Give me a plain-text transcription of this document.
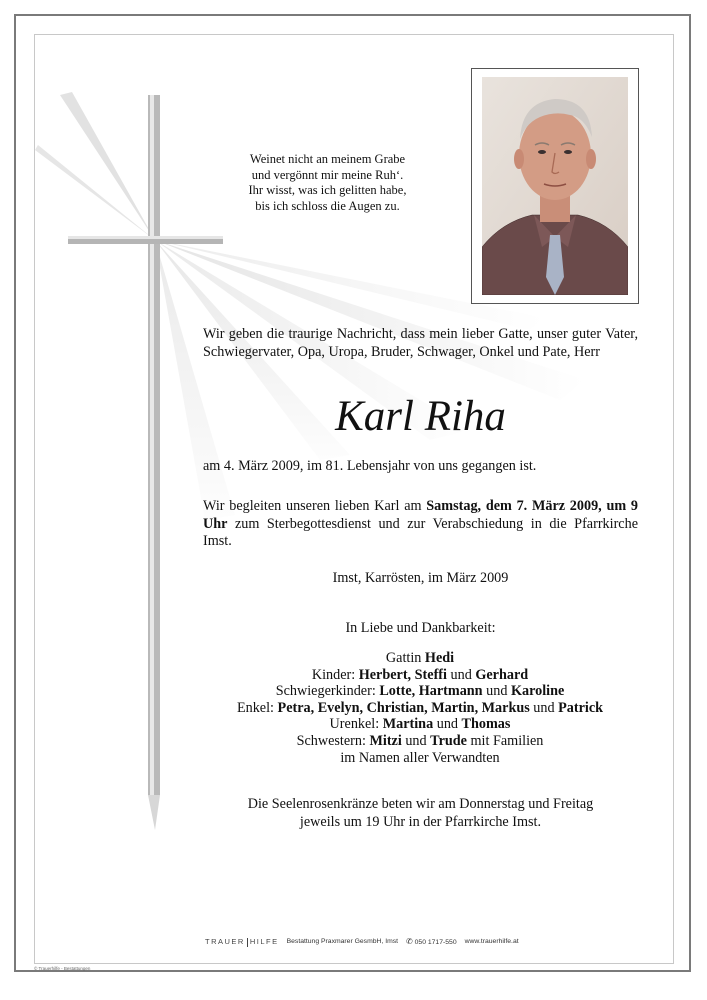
Weinet nicht an meinem Grabe
und vergönnt mir meine Ruh‘.
Ihr wisst, was ich gelitten habe,
bis ich schloss die Augen zu.
Wir geben die traurige Nachricht, dass mein lieber Gatte, unser guter Vater, Schwiegervater, Opa, Uropa, Bruder, Schwager, Onkel und Pate, Herr
Karl Riha
am 4. März 2009, im 81. Lebensjahr von uns gegangen ist.
Wir begleiten unseren lieben Karl am Samstag, dem 7. März 2009, um 9 Uhr zum Sterbegottesdienst und zur Verabschiedung in die Pfarrkirche Imst.
Imst, Karrösten, im März 2009
In Liebe und Dankbarkeit:
Gattin Hedi
Kinder: Herbert, Steffi und Gerhard
Schwiegerkinder: Lotte, Hartmann und Karoline
Enkel: Petra, Evelyn, Christian, Martin, Markus und Patrick
Urenkel: Martina und Thomas
Schwestern: Mitzi und Trude mit Familien
im Namen aller Verwandten
Die Seelenrosenkränze beten wir am Donnerstag und Freitag
jeweils um 19 Uhr in der Pfarrkirche Imst.
TRAUER HILFE Bestattung Praxmarer GesmbH, Imst ✆ 050 1717-550 www.trauerhilfe.at
© Trauerhilfe - Bestattungen
